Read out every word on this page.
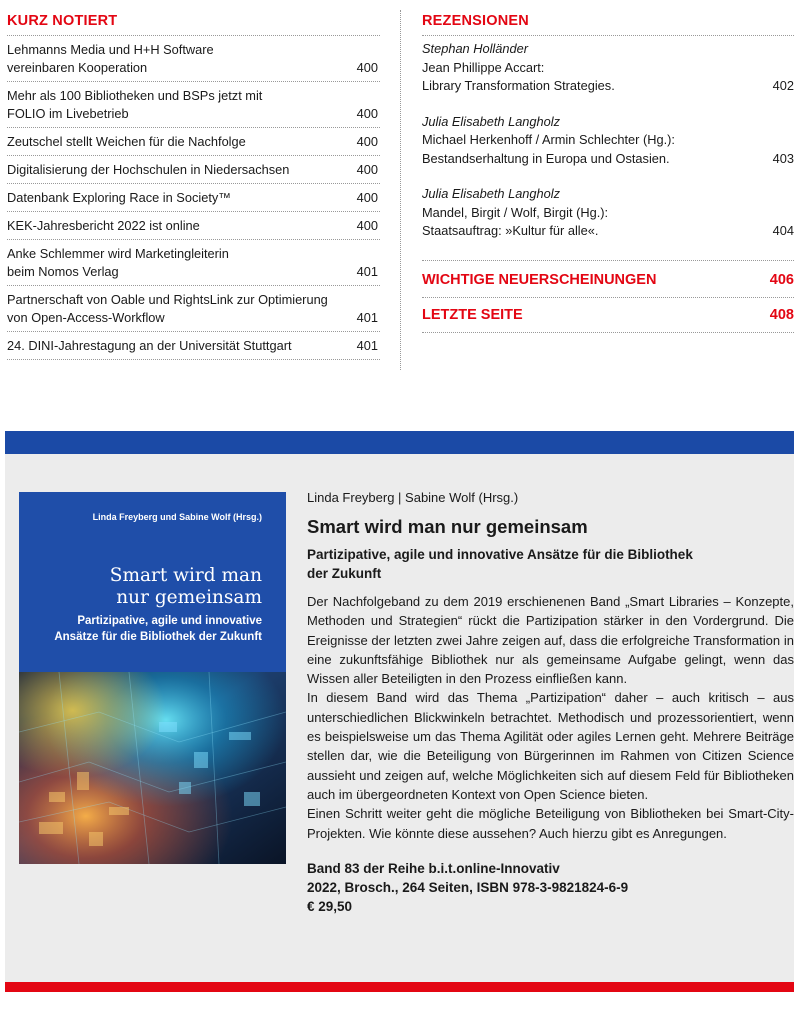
KURZ NOTIERT
Lehmanns Media und H+H Software
vereinbaren Kooperation	400
Mehr als 100 Bibliotheken und BSPs jetzt mit
FOLIO im Livebetrieb	400
Zeutschel stellt Weichen für die Nachfolge	400
Digitalisierung der Hochschulen in Niedersachsen	400
Datenbank Exploring Race in Society™	400
KEK-Jahresbericht 2022 ist online	400
Anke Schlemmer wird Marketingleiterin
beim Nomos Verlag	401
Partnerschaft von Oable und RightsLink zur Optimierung
von Open-Access-Workflow	401
24. DINI-Jahrestagung an der Universität Stuttgart	401
REZENSIONEN
Stephan Holländer
Jean Phillippe Accart:
Library Transformation Strategies.	402
Julia Elisabeth Langholz
Michael Herkenhoff / Armin Schlechter (Hg.):
Bestandserhaltung in Europa und Ostasien.	403
Julia Elisabeth Langholz
Mandel, Birgit / Wolf, Birgit (Hg.):
Staatsauftrag: »Kultur für alle«.	404
WICHTIGE NEUERSCHEINUNGEN	406
LETZTE SEITE	408
Linda Freyberg und Sabine Wolf (Hrsg.)
Smart wird man
nur gemeinsam
Partizipative, agile und innovative
Ansätze für die Bibliothek der Zukunft
Linda Freyberg | Sabine Wolf (Hrsg.)
Smart wird man nur gemeinsam
Partizipative, agile und innovative Ansätze für die Bibliothek
der Zukunft

Der Nachfolgeband zu dem 2019 erschienenen Band „Smart Libraries – Konzepte, Methoden und Strategien“ rückt die Partizipation stärker in den Vordergrund. Die Ereignisse der letzten zwei Jahre zeigen auf, dass die erfolgreiche Transformation in eine zukunftsfähige Bibliothek nur als gemeinsame Aufgabe gelingt, wenn das Wissen aller Beteiligten in den Prozess einfließen kann.

In diesem Band wird das Thema „Partizipation“ daher – auch kritisch – aus unterschiedlichen Blickwinkeln betrachtet. Methodisch und prozessorientiert, wenn es beispielsweise um das Thema Agilität oder agiles Lernen geht. Mehrere Beiträge stellen dar, wie die Beteiligung von Bürgerinnen im Rahmen von Citizen Science aussieht und zeigen auf, welche Möglichkeiten sich auf diesem Feld für Bibliotheken auch im übergeordneten Kontext von Open Science bieten.

Einen Schritt weiter geht die mögliche Beteiligung von Bibliotheken bei Smart-City-Projekten. Wie könnte diese aussehen? Auch hierzu gibt es Anregungen.

Band 83 der Reihe b.i.t.online-Innovativ
2022, Brosch., 264 Seiten, ISBN 978-3-9821824-6-9
€ 29,50
